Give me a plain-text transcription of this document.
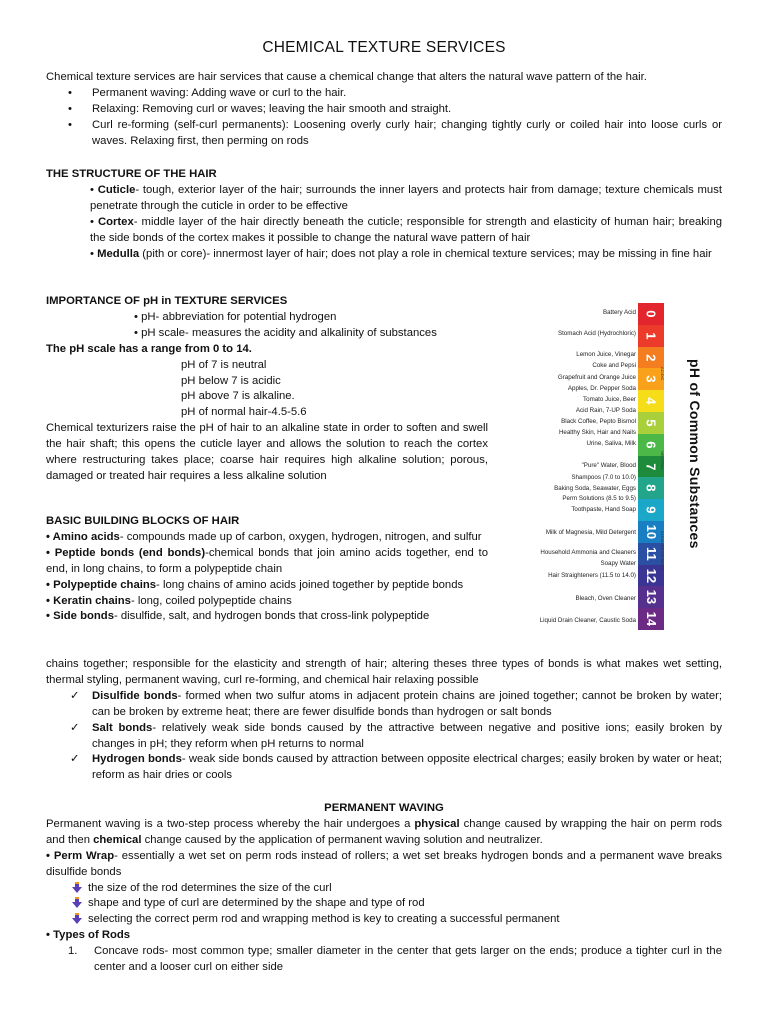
CHEMICAL TEXTURE SERVICES
Chemical texture services are hair services that cause a chemical change that alters the natural wave pattern of the hair.
•	Permanent waving: Adding wave or curl to the hair.
•	Relaxing: Removing curl or waves; leaving the hair smooth and straight.
•	Curl re-forming (self-curl permanents): Loosening overly curly hair; changing tightly curly or coiled hair into loose curls or waves. Relaxing first, then perming on rods
THE STRUCTURE OF THE HAIR
• Cuticle- tough, exterior layer of the hair; surrounds the inner layers and protects hair from damage; texture chemicals must penetrate through the cuticle in order to be effective
• Cortex- middle layer of the hair directly beneath the cuticle; responsible for strength and elasticity of human hair; breaking the side bonds of the cortex makes it possible to change the natural wave pattern of hair
• Medulla (pith or core)- innermost layer of hair; does not play a role in chemical texture services; may be missing in fine hair
IMPORTANCE OF pH in TEXTURE SERVICES
• pH- abbreviation for potential hydrogen
• pH scale- measures the acidity and alkalinity of substances
The pH scale has a range from 0 to 14.
pH of 7 is neutral
pH below 7 is acidic
pH above 7 is alkaline.
pH of normal hair-4.5-5.6
Chemical texturizers raise the pH of hair to an alkaline state in order to soften and swell the hair shaft; this opens the cuticle layer and allows the solution to reach the cortex where restructuring takes place; coarse hair requires high alkaline solution; porous, damaged or treated hair requires a less alkaline solution
Battery Acid
Stomach Acid (Hydrochloric)
Lemon Juice, Vinegar
Coke and Pepsi
Grapefruit and Orange Juice
Apples, Dr. Pepper Soda
Tomato Juice, Beer
Acid Rain, 7-UP Soda
Black Coffee, Pepto Bismol
Healthy Skin, Hair and Nails
Urine, Saliva, Milk
"Pure" Water, Blood
Shampoos (7.0 to 10.0)
Baking Soda, Seawater, Eggs
Perm Solutions (8.5 to 9.5)
Toothpaste, Hand Soap
Milk of Magnesia, Mild Detergent
Household Ammonia and Cleaners
Soapy Water
Hair Straighteners (11.5 to 14.0)
Bleach, Oven Cleaner
Liquid Drain Cleaner, Caustic Soda
0
1
2
3
4
5
6
7
8
9
10
11
12
13
14
pH of Common Substances
ACIDIC
NEUTRAL
ALKALINE OR BASIC
BASIC BUILDING BLOCKS OF HAIR
• Amino acids- compounds made up of carbon, oxygen, hydrogen, nitrogen, and sulfur
• Peptide bonds (end bonds)-chemical bonds that join amino acids together, end to end, in long chains, to form a polypeptide chain
• Polypeptide chains- long chains of amino acids joined together by peptide bonds
• Keratin chains- long, coiled polypeptide chains
• Side bonds- disulfide, salt, and hydrogen bonds that cross-link polypeptide
chains together; responsible for the elasticity and strength of hair; altering theses three types of bonds is what makes wet setting, thermal styling, permanent waving, curl re-forming, and chemical hair relaxing possible
✓	Disulfide bonds- formed when two sulfur atoms in adjacent protein chains are joined together; cannot be broken by water; can be broken by extreme heat; there are fewer disulfide bonds than hydrogen or salt bonds
✓	Salt bonds- relatively weak side bonds caused by the attractive between negative and positive ions; easily broken by changes in pH; they reform when pH returns to normal
✓	Hydrogen bonds- weak side bonds caused by attraction between opposite electrical charges; easily broken by water or heat; reform as hair dries or cools
PERMANENT WAVING
Permanent waving is a two-step process whereby the hair undergoes a physical change caused by wrapping the hair on perm rods and then chemical change caused by the application of permanent waving solution and neutralizer.
• Perm Wrap- essentially a wet set on perm rods instead of rollers; a wet set breaks hydrogen bonds and a permanent wave breaks disulfide bonds
the size of the rod determines the size of the curl
shape and type of curl are determined by the shape and type of rod
selecting the correct perm rod and wrapping method is key to creating a successful permanent
• Types of Rods
1.	Concave rods- most common type; smaller diameter in the center that gets larger on the ends; produce a tighter curl in the center and a looser curl on either side
